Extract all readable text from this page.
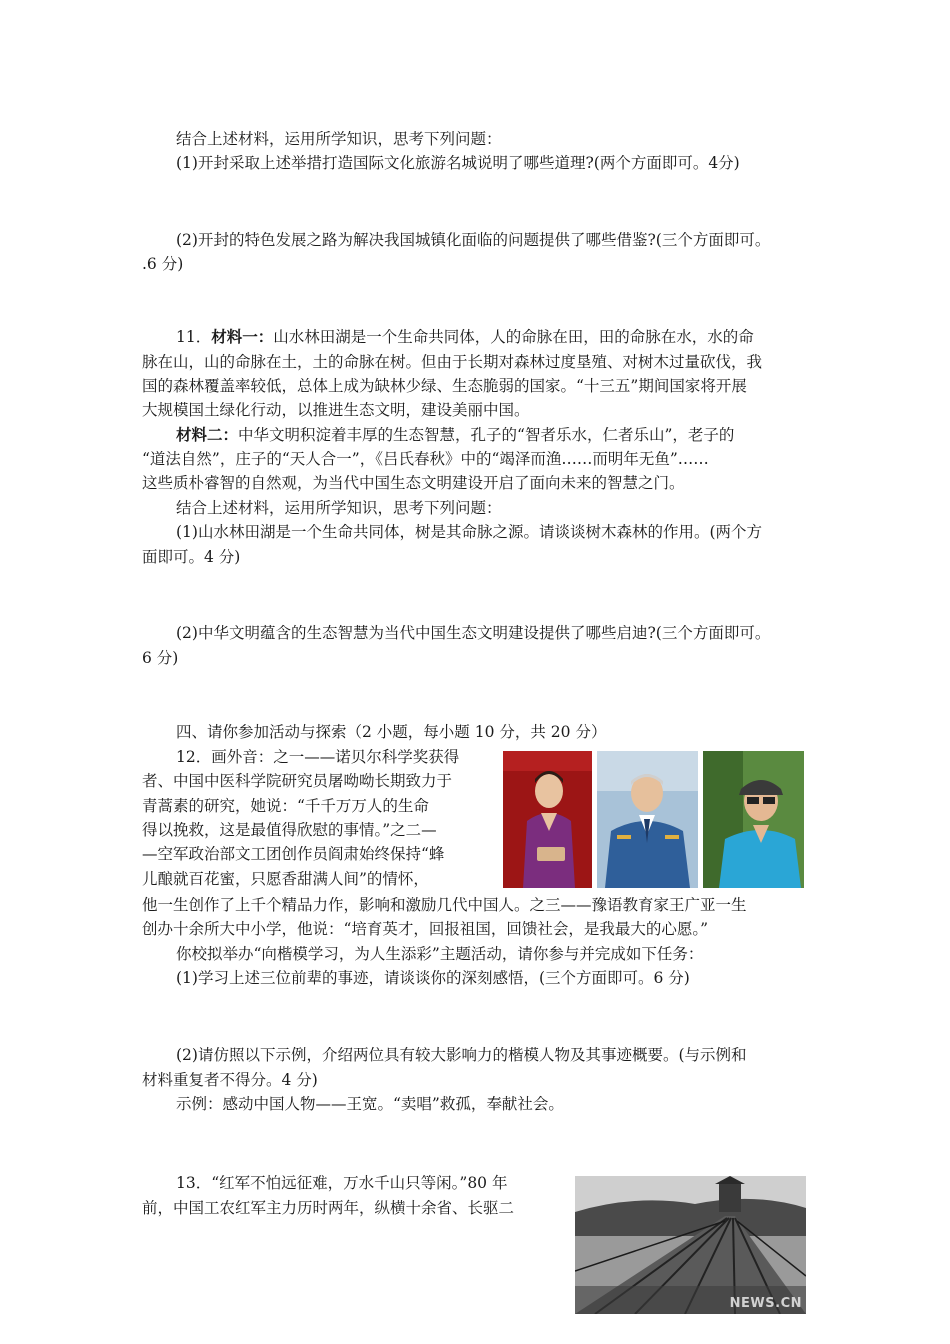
结合上述材料，运用所学知识，思考下列问题：
(1)开封采取上述举措打造国际文化旅游名城说明了哪些道理?(两个方面即可。4分)
(2)开封的特色发展之路为解决我国城镇化面临的问题提供了哪些借鉴?(三个方面即可。
.6 分)
11．材料一：山水林田湖是一个生命共同体，人的命脉在田，田的命脉在水，水的命
脉在山，山的命脉在土，土的命脉在树。但由于长期对森林过度垦殖、对树木过量砍伐，我
国的森林覆盖率较低，总体上成为缺林少绿、生态脆弱的国家。“十三五”期间国家将开展
大规模国土绿化行动，以推进生态文明，建设美丽中国。
材料二：中华文明积淀着丰厚的生态智慧，孔子的“智者乐水，仁者乐山”，老子的
“道法自然”，庄子的“天人合一”，《吕氏春秋》中的“竭泽而渔……而明年无鱼”……
这些质朴睿智的自然观，为当代中国生态文明建设开启了面向未来的智慧之门。
结合上述材料，运用所学知识，思考下列问题：
(1)山水林田湖是一个生命共同体，树是其命脉之源。请谈谈树木森林的作用。(两个方
面即可。4 分)
(2)中华文明蕴含的生态智慧为当代中国生态文明建设提供了哪些启迪?(三个方面即可。
6 分)
四、请你参加活动与探索（2 小题，每小题 10 分，共 20 分）
12．画外音：之一——诺贝尔科学奖获得
者、中国中医科学院研究员屠呦呦长期致力于
青蒿素的研究，她说：“千千万万人的生命
得以挽救，这是最值得欣慰的事情。”之二—
—空军政治部文工团创作员阎肃始终保持“蜂
儿酿就百花蜜，只愿香甜满人间”的情怀，
他一生创作了上千个精品力作，影响和激励几代中国人。之三——豫语教育家王广亚一生
创办十余所大中小学，他说：“培育英才，回报祖国，回馈社会，是我最大的心愿。”
你校拟举办“向楷模学习，为人生添彩”主题活动，请你参与并完成如下任务：
(1)学习上述三位前辈的事迹，请谈谈你的深刻感悟，(三个方面即可。6 分)
(2)请仿照以下示例，介绍两位具有较大影响力的楷模人物及其事迹概要。(与示例和
材料重复者不得分。4 分)
示例：感动中国人物——王宽。“卖唱”救孤，奉献社会。
13．“红军不怕远征难，万水千山只等闲。”80 年
前，中国工农红军主力历时两年，纵横十余省、长驱二
NEWS.CN
